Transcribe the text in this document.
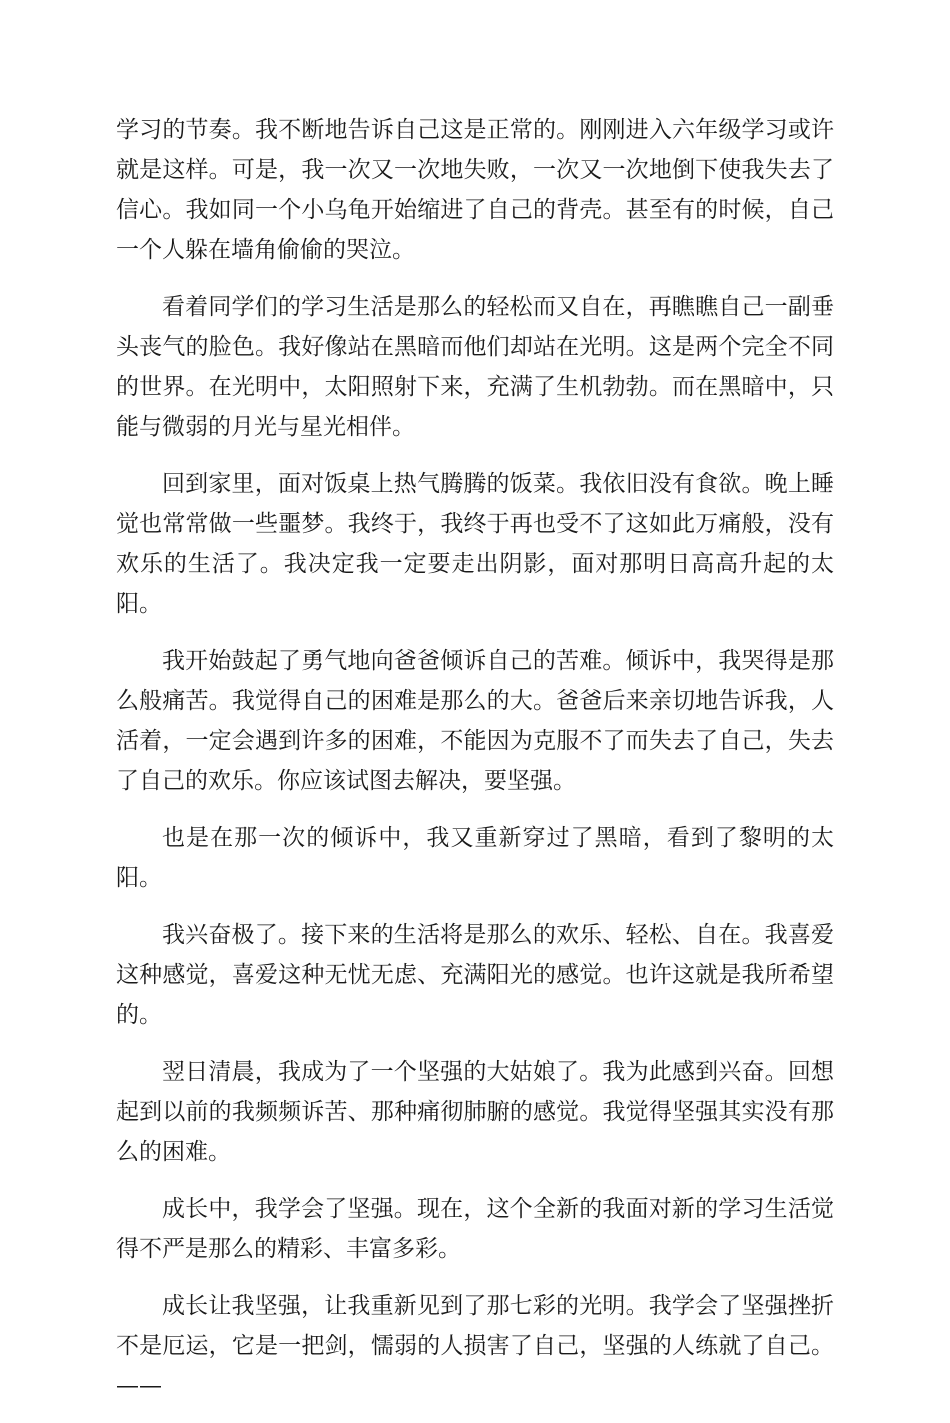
学习的节奏。我不断地告诉自己这是正常的。刚刚进入六年级学习或许就是这样。可是，我一次又一次地失败，一次又一次地倒下使我失去了信心。我如同一个小乌龟开始缩进了自己的背壳。甚至有的时候，自己一个人躲在墙角偷偷的哭泣。

看着同学们的学习生活是那么的轻松而又自在，再瞧瞧自己一副垂头丧气的脸色。我好像站在黑暗而他们却站在光明。这是两个完全不同的世界。在光明中，太阳照射下来，充满了生机勃勃。而在黑暗中，只能与微弱的月光与星光相伴。

回到家里，面对饭桌上热气腾腾的饭菜。我依旧没有食欲。晚上睡觉也常常做一些噩梦。我终于，我终于再也受不了这如此万痛般，没有欢乐的生活了。我决定我一定要走出阴影，面对那明日高高升起的太阳。

我开始鼓起了勇气地向爸爸倾诉自己的苦难。倾诉中，我哭得是那么般痛苦。我觉得自己的困难是那么的大。爸爸后来亲切地告诉我，人活着，一定会遇到许多的困难，不能因为克服不了而失去了自己，失去了自己的欢乐。你应该试图去解决，要坚强。

也是在那一次的倾诉中，我又重新穿过了黑暗，看到了黎明的太阳。

我兴奋极了。接下来的生活将是那么的欢乐、轻松、自在。我喜爱这种感觉，喜爱这种无忧无虑、充满阳光的感觉。也许这就是我所希望的。

翌日清晨，我成为了一个坚强的大姑娘了。我为此感到兴奋。回想起到以前的我频频诉苦、那种痛彻肺腑的感觉。我觉得坚强其实没有那么的困难。

成长中，我学会了坚强。现在，这个全新的我面对新的学习生活觉得不严是那么的精彩、丰富多彩。

成长让我坚强，让我重新见到了那七彩的光明。我学会了坚强挫折不是厄运，它是一把剑，懦弱的人损害了自己，坚强的人练就了自己。——
